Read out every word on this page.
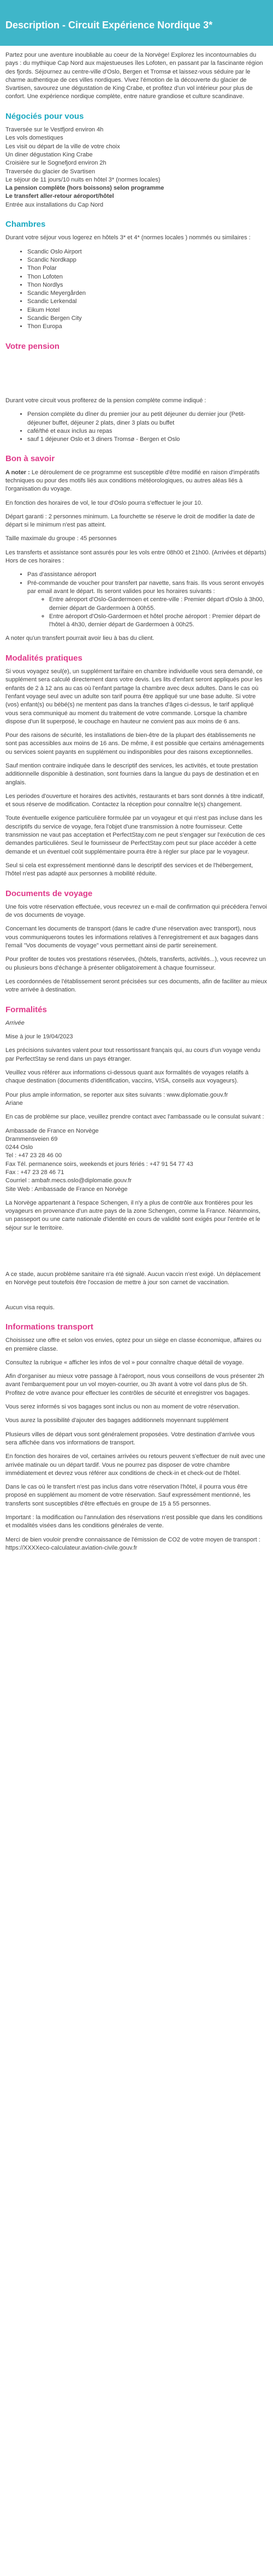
Description - Circuit Expérience Nordique 3*

Partez pour une aventure inoubliable au coeur de la Norvège! Explorez les incontournables du pays : du mythique Cap Nord aux majestueuses îles Lofoten, en passant par la fascinante région des fjords. Séjournez au centre-ville d'Oslo, Bergen et Tromsø et laissez-vous séduire par le charme authentique de ces villes nordiques. Vivez l'émotion de la découverte du glacier de Svartisen, savourez une dégustation de King Crabe, et profitez d'un vol intérieur pour plus de confort. Une expérience nordique complète, entre nature grandiose et culture scandinave.

Négociés pour vous
Traversée sur le Vestfjord environ 4h
Les vols domestiques
Les visit ou départ de la ville de votre choix
Un diner dégustation King Crabe
Croisière sur le Sognefjord environ 2h
Traversée du glacier de Svartisen
Le séjour de 11 jours/10 nuits en hôtel 3* (normes locales)
La pension complète (hors boissons) selon programme
Le transfert aller-retour aéroport/hôtel
Entrée aux installations du Cap Nord
Chambres

Durant votre séjour vous logerez en hôtels 3* et 4* (normes locales ) nommés ou similaires :

• Scandic Oslo Airport
• Scandic Nordkapp
• Thon Polar
• Thon Lofoten
• Thon Nordlys
• Scandic Meyergården
• Scandic Lerkendal
• Eikum Hotel
• Scandic Bergen City
• Thon Europa
Votre pension

Durant votre circuit vous profiterez de la pension complète comme indiqué :

• Pension complète du dîner du premier jour au petit déjeuner du dernier jour (Petit-déjeuner buffet, déjeuner 2 plats, diner 3 plats ou buffet
• café/thé et eaux inclus au repas
• sauf 1 déjeuner Oslo et 3 diners Tromsø - Bergen et Oslo
Bon à savoir

A noter : Le déroulement de ce programme est susceptible d'être modifié en raison d'impératifs techniques ou pour des motifs liés aux conditions météorologiques, ou autres aléas liés à l'organisation du voyage.

En fonction des horaires de vol, le tour d'Oslo pourra s'effectuer le jour 10.

Départ garanti : 2 personnes minimum. La fourchette se réserve le droit de modifier la date de départ si le minimum n'est pas atteint.

Taille maximale du groupe : 45 personnes

Les transferts et assistance sont assurés pour les vols entre 08h00 et 21h00. (Arrivées et départs) Hors de ces horaires :

• Pas d'assistance aéroport
• Pré-commande de voucher pour transfert par navette, sans frais. Ils vous seront envoyés par email avant le départ. Ils seront valides pour les horaires suivants :
◦ Entre aéroport d'Oslo-Gardermoen et centre-ville : Premier départ d'Oslo à 3h00, dernier départ de Gardermoen à 00h55.
◦ Entre aéroport d'Oslo-Gardermoen et hôtel proche aéroport : Premier départ de l'hôtel à 4h30, dernier départ de Gardermoen à 00h25.

A noter qu'un transfert pourrait avoir lieu à bas du client.

Modalités pratiques

Si vous voyagez seul(e), un supplément tarifaire en chambre individuelle vous sera demandé, ce supplément sera calculé directement dans votre devis. Les lits d'enfant seront appliqués pour les enfants de 2 à 12 ans au cas où l'enfant partage la chambre avec deux adultes. Dans le cas où l'enfant voyage seul avec un adulte son tarif pourra être appliqué sur une base adulte. Si votre (vos) enfant(s) ou bébé(s) ne mentent pas dans la tranches d'âges ci-dessus, le tarif appliqué vous sera communiqué au moment du traitement de votre commande. Lorsque la chambre dispose d'un lit superposé, le couchage en hauteur ne convient pas aux moins de 6 ans.

Pour des raisons de sécurité, les installations de bien-être de la plupart des établissements ne sont pas accessibles aux moins de 16 ans. De même, il est possible que certains aménagements ou services soient payants en supplément ou indisponibles pour des raisons exceptionnelles.

Sauf mention contraire indiquée dans le descriptif des services, les activités, et toute prestation additionnelle disponible à destination, sont fournies dans la langue du pays de destination et en anglais.

Les periodes d'ouverture et horaires des activités, restaurants et bars sont donnés à titre indicatif, et sous réserve de modification. Contactez la réception pour connaître le(s) changement.

Toute éventuelle exigence particulière formulée par un voyageur et qui n'est pas incluse dans les descriptifs du service de voyage, fera l'objet d'une transmission à notre fournisseur. Cette transmission ne vaut pas acceptation et PerfectStay.com ne peut s'engager sur l'exécution de ces demandes particulières. Seul le fournisseur de PerfectStay.com peut sur place accéder à cette demande et un éventuel coût supplémentaire pourra être à régler sur place par le voyageur.

Seul si cela est expressément mentionné dans le descriptif des services et de l'hébergement, l'hôtel n'est pas adapté aux personnes à mobilité réduite.

Documents de voyage

Une fois votre réservation effectuée, vous recevrez un e-mail de confirmation qui précédera l'envoi de vos documents de voyage.

Concernant les documents de transport (dans le cadre d'une réservation avec transport), nous vous communiquerons toutes les informations relatives à l'enregistrement et aux bagages dans l'email "Vos documents de voyage" vous permettant ainsi de partir sereinement.

Pour profiter de toutes vos prestations réservées, (hôtels, transferts, activités...), vous recevrez un ou plusieurs bons d'échange à présenter obligatoirement à chaque fournisseur.

Les coordonnées de l'établissement seront précisées sur ces documents, afin de faciliter au mieux votre arrivée à destination.

Formalités

Arrivée

Mise à jour le 19/04/2023

Les précisions suivantes valent pour tout ressortissant français qui, au cours d'un voyage vendu par PerfectStay se rend dans un pays étranger.

Veuillez vous référer aux informations ci-dessous quant aux formalités de voyages relatifs à chaque destination (documents d'identification, vaccins, VISA, conseils aux voyageurs).

Pour plus ample information, se reporter aux sites suivants : www.diplomatie.gouv.fr
Ariane

En cas de problème sur place, veuillez prendre contact avec l'ambassade ou le consulat suivant :

Ambassade de France en Norvège
Drammensveien 69
0244 Oslo
Tel : +47 23 28 46 00
Fax Tél. permanence soirs, weekends et jours fériés : +47 91 54 77 43
Fax : +47 23 28 46 71
Courriel : ambafr.mecs.oslo@diplomatie.gouv.fr
Site Web : Ambassade de France en Norvège

La Norvège appartenant à l'espace Schengen, il n'y a plus de contrôle aux frontières pour les voyageurs en provenance d'un autre pays de la zone Schengen, comme la France. Néanmoins, un passeport ou une carte nationale d'identité en cours de validité sont exigés pour l'entrée et le séjour sur le territoire.

A ce stade, aucun problème sanitaire n'a été signalé. Aucun vaccin n'est exigé. Un déplacement en Norvège peut toutefois être l'occasion de mettre à jour son carnet de vaccination.

Aucun visa requis.

Informations transport

Choisissez une offre et selon vos envies, optez pour un siège en classe économique, affaires ou en première classe.

Consultez la rubrique « afficher les infos de vol » pour connaître chaque détail de voyage.

Afin d'organiser au mieux votre passage à l'aéroport, nous vous conseillons de vous présenter 2h avant l'embarquement pour un vol moyen-courrier, ou 3h avant à votre vol dans plus de 5h. Profitez de votre avance pour effectuer les contrôles de sécurité et enregistrer vos bagages.

Vous serez informés si vos bagages sont inclus ou non au moment de votre réservation.

Vous aurez la possibilité d'ajouter des bagages additionnels moyennant supplément

Plusieurs villes de départ vous sont généralement proposées. Votre destination d'arrivée vous sera affichée dans vos informations de transport.

En fonction des horaires de vol, certaines arrivées ou retours peuvent s'effectuer de nuit avec une arrivée matinale ou un départ tardif. Vous ne pourrez pas disposer de votre chambre immédiatement et devrez vous référer aux conditions de check-in et check-out de l'hôtel.

Dans le cas où le transfert n'est pas inclus dans votre réservation l'hôtel, il pourra vous être proposé en supplément au moment de votre réservation. Sauf expressément mentionné, les transferts sont susceptibles d'être effectués en groupe de 15 à 55 personnes.

Important : la modification ou l'annulation des réservations n'est possible que dans les conditions et modalités visées dans les conditions générales de vente.

Merci de bien vouloir prendre connaissance de l'émission de CO2 de votre moyen de transport : https://XXXXeco-calculateur.aviation-civile.gouv.fr
